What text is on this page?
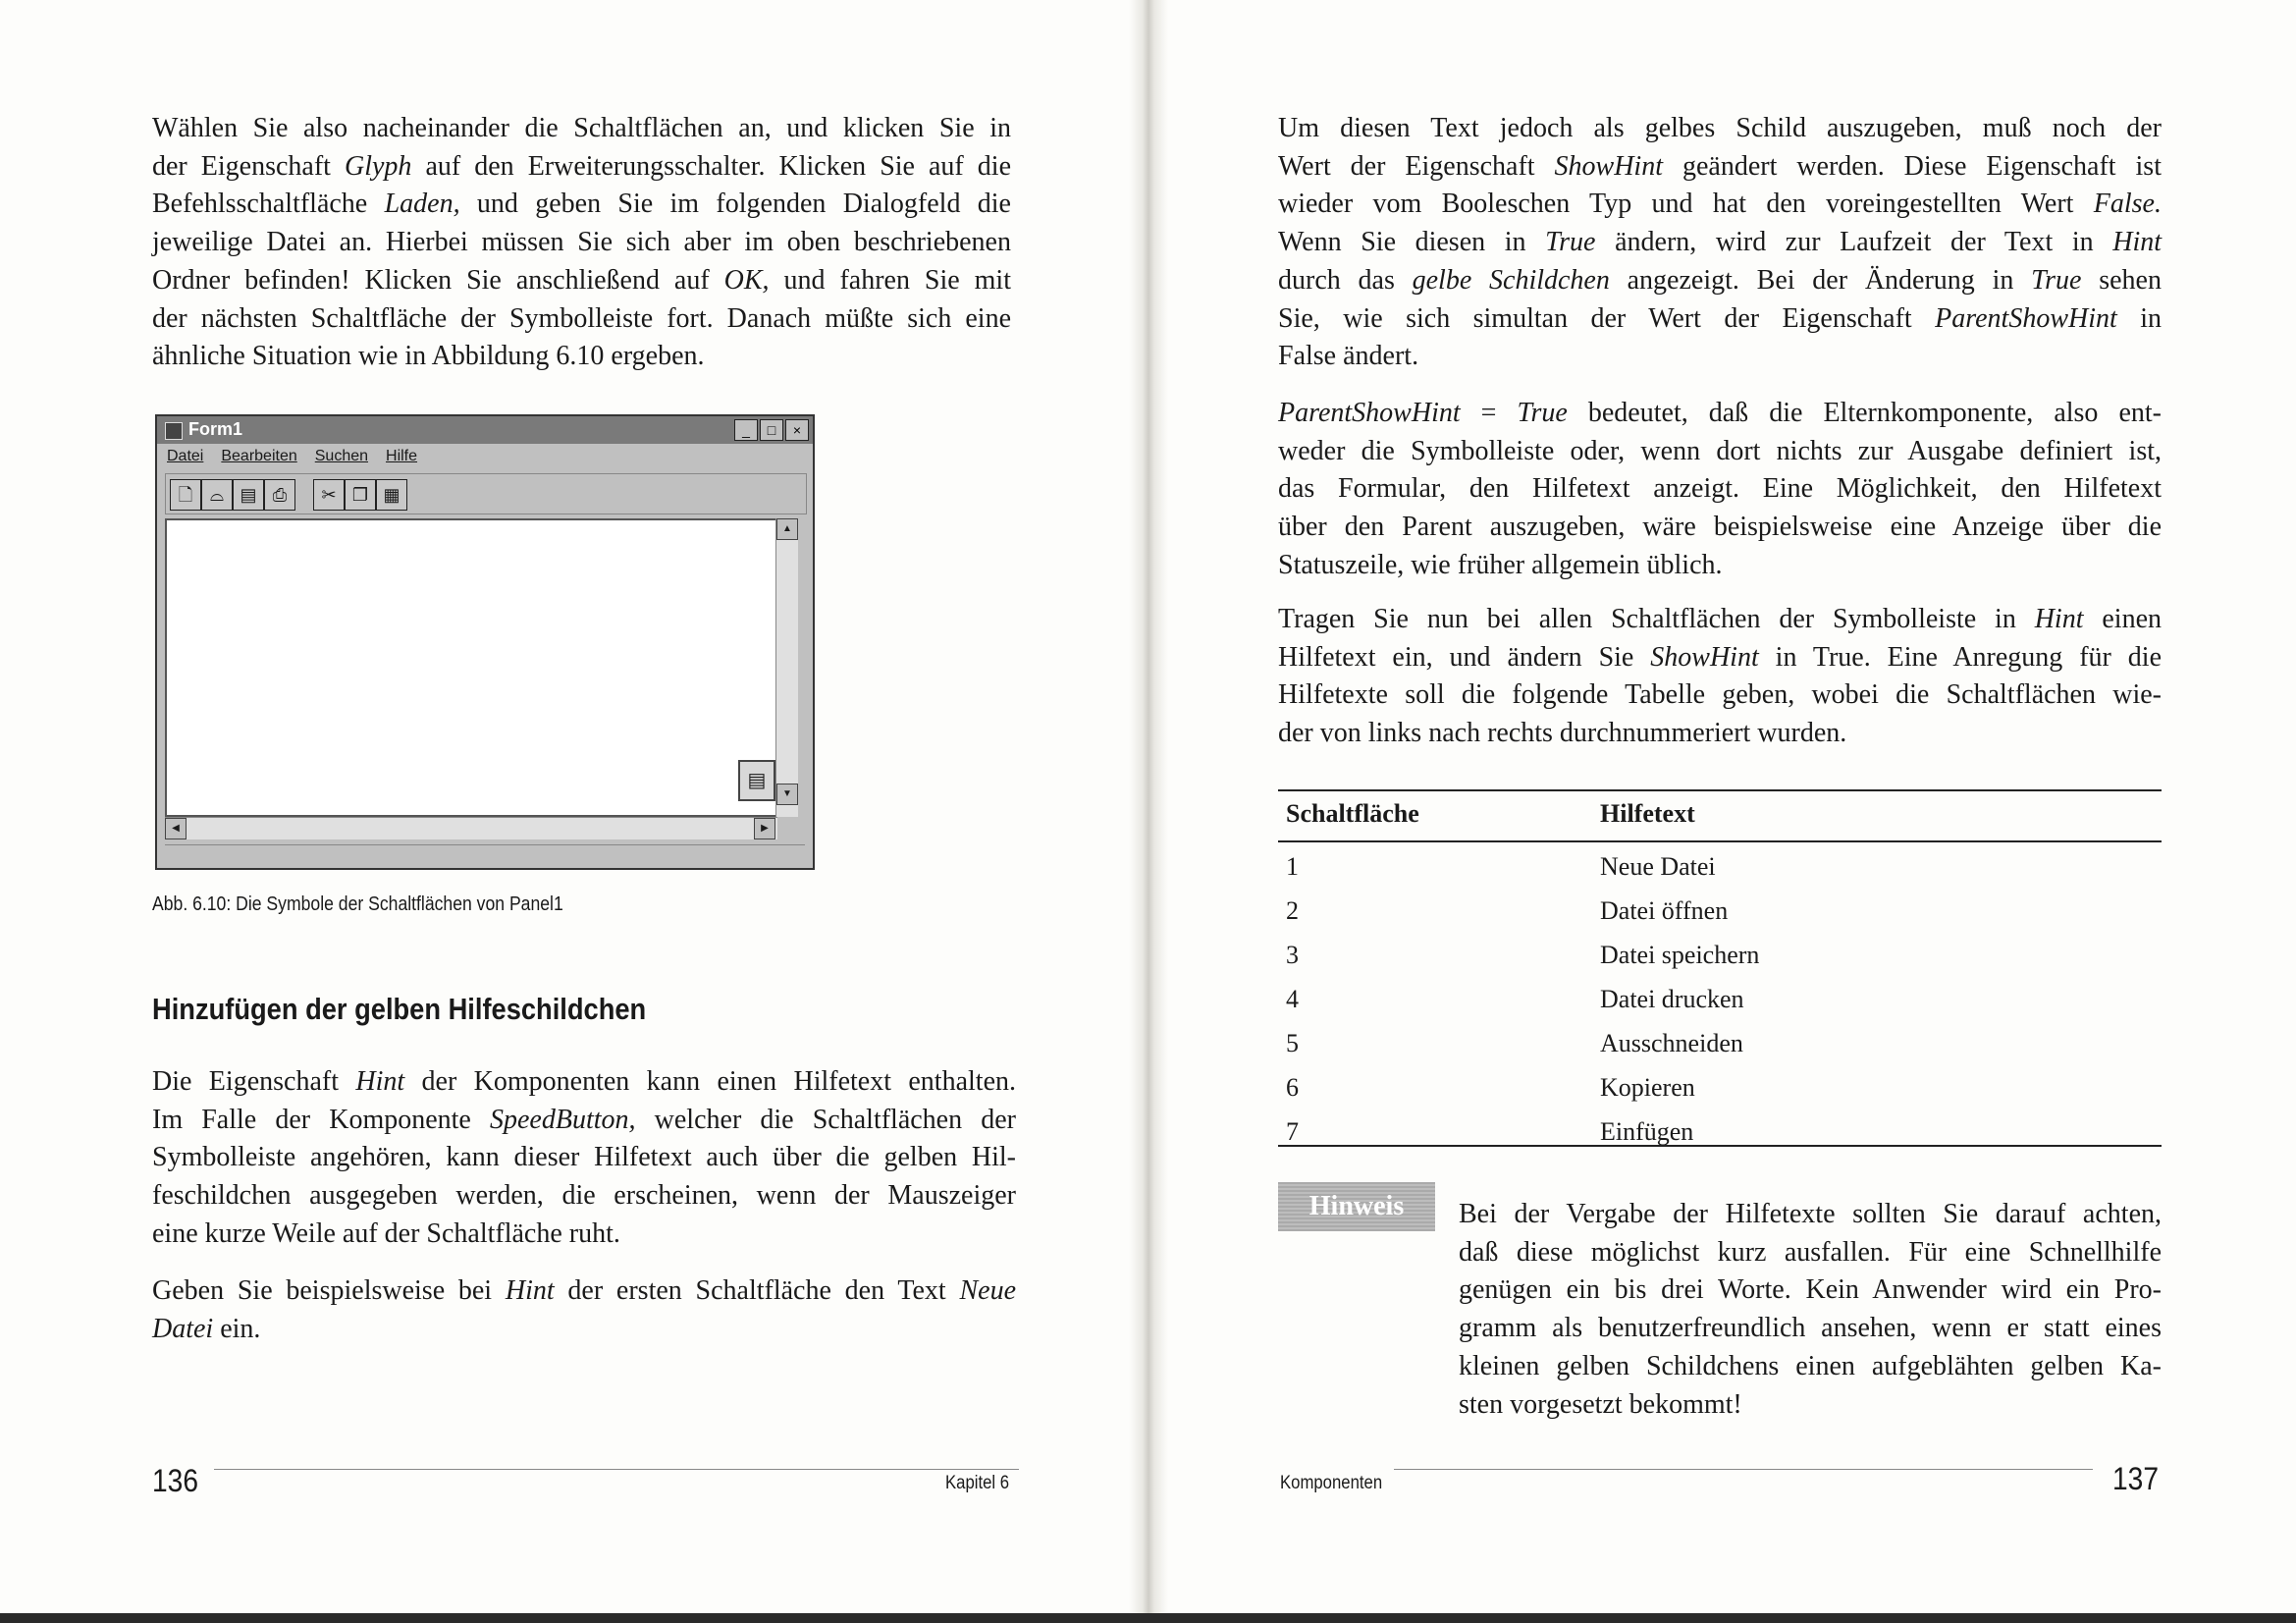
Wählen Sie also nacheinander die Schaltflächen an, und klicken Sie in
der Eigenschaft Glyph auf den Erweiterungsschalter. Klicken Sie auf die
Befehlsschaltfläche Laden, und geben Sie im folgenden Dialogfeld die
jeweilige Datei an. Hierbei müssen Sie sich aber im oben beschriebenen
Ordner befinden! Klicken Sie anschließend auf OK, und fahren Sie mit
der nächsten Schaltfläche der Symbolleiste fort. Danach müßte sich eine
ähnliche Situation wie in Abbildung 6.10 ergeben.
Form1	_	□	×
Datei Bearbeiten Suchen Hilfe
🗋 ⌓ ▤ ⎙	✂ ❐ ▦
▤
▲
▼
◀	▶
Abb. 6.10: Die Symbole der Schaltflächen von Panel1
Hinzufügen der gelben Hilfeschildchen
Die Eigenschaft Hint der Komponenten kann einen Hilfetext enthalten.
Im Falle der Komponente SpeedButton, welcher die Schaltflächen der
Symbolleiste angehören, kann dieser Hilfetext auch über die gelben Hil-
feschildchen ausgegeben werden, die erscheinen, wenn der Mauszeiger
eine kurze Weile auf der Schaltfläche ruht.
Geben Sie beispielsweise bei Hint der ersten Schaltfläche den Text Neue
Datei ein.
136	Kapitel 6
Um diesen Text jedoch als gelbes Schild auszugeben, muß noch der
Wert der Eigenschaft ShowHint geändert werden. Diese Eigenschaft ist
wieder vom Booleschen Typ und hat den voreingestellten Wert False.
Wenn Sie diesen in True ändern, wird zur Laufzeit der Text in Hint
durch das gelbe Schildchen angezeigt. Bei der Änderung in True sehen
Sie, wie sich simultan der Wert der Eigenschaft ParentShowHint in
False ändert.
ParentShowHint = True bedeutet, daß die Elternkomponente, also ent-
weder die Symbolleiste oder, wenn dort nichts zur Ausgabe definiert ist,
das Formular, den Hilfetext anzeigt. Eine Möglichkeit, den Hilfetext
über den Parent auszugeben, wäre beispielsweise eine Anzeige über die
Statuszeile, wie früher allgemein üblich.
Tragen Sie nun bei allen Schaltflächen der Symbolleiste in Hint einen
Hilfetext ein, und ändern Sie ShowHint in True. Eine Anregung für die
Hilfetexte soll die folgende Tabelle geben, wobei die Schaltflächen wie-
der von links nach rechts durchnummeriert wurden.
Schaltfläche	Hilfetext
1	Neue Datei
2	Datei öffnen
3	Datei speichern
4	Datei drucken
5	Ausschneiden
6	Kopieren
7	Einfügen
Hinweis	Bei der Vergabe der Hilfetexte sollten Sie darauf achten,
daß diese möglichst kurz ausfallen. Für eine Schnellhilfe
genügen ein bis drei Worte. Kein Anwender wird ein Pro-
gramm als benutzerfreundlich ansehen, wenn er statt eines
kleinen gelben Schildchens einen aufgeblähten gelben Ka-
sten vorgesetzt bekommt!
Komponenten	137
